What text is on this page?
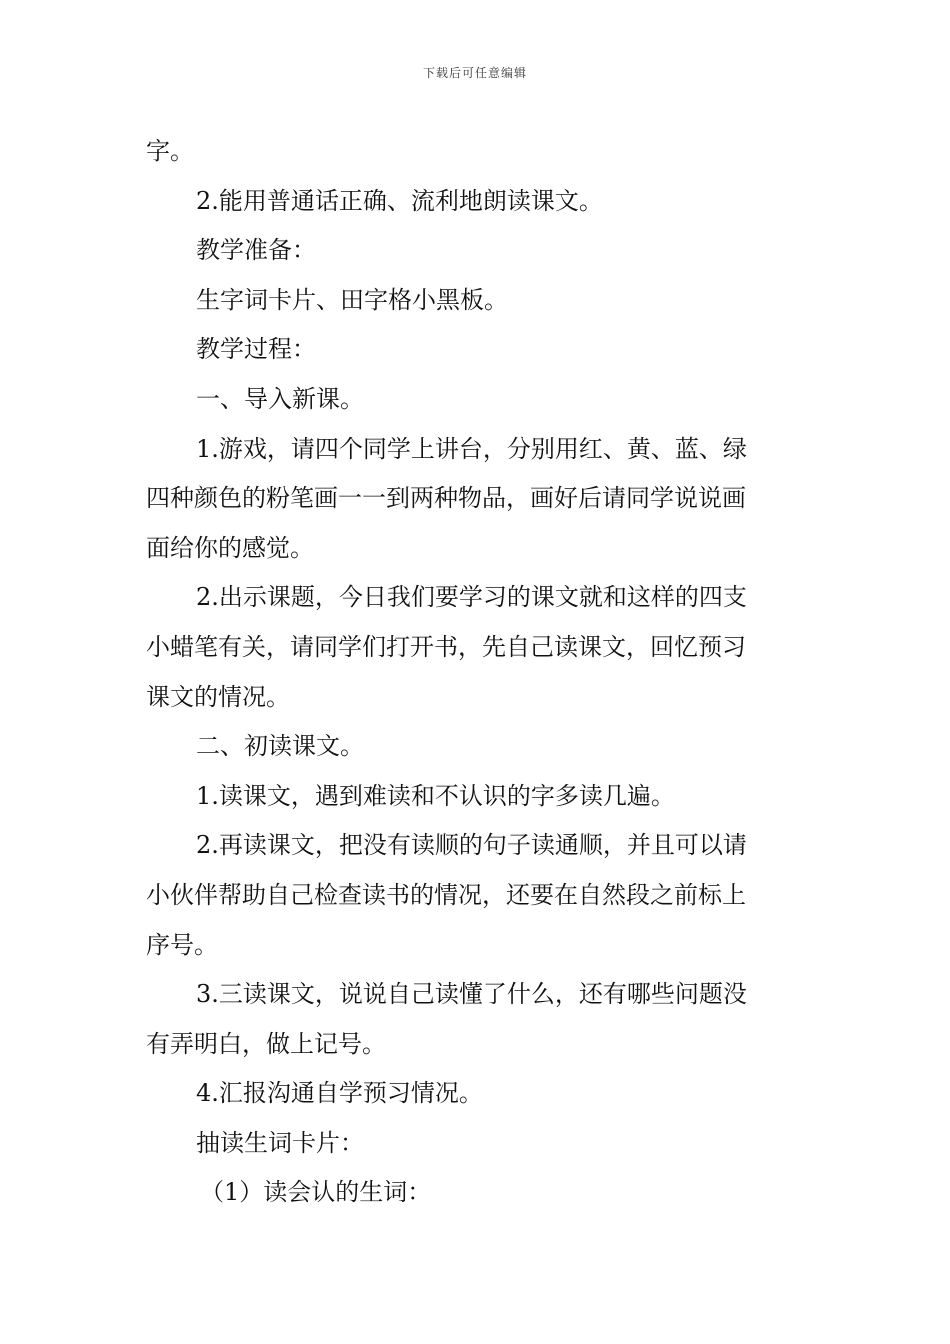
下载后可任意编辑
字。
2.能用普通话正确、流利地朗读课文。
教学准备：
生字词卡片、田字格小黑板。
教学过程：
一、导入新课。
1.游戏，请四个同学上讲台，分别用红、黄、蓝、绿
四种颜色的粉笔画一一到两种物品，画好后请同学说说画
面给你的感觉。
2.出示课题，今日我们要学习的课文就和这样的四支
小蜡笔有关，请同学们打开书，先自己读课文，回忆预习
课文的情况。
二、初读课文。
1.读课文，遇到难读和不认识的字多读几遍。
2.再读课文，把没有读顺的句子读通顺，并且可以请
小伙伴帮助自己检查读书的情况，还要在自然段之前标上
序号。
3.三读课文，说说自己读懂了什么，还有哪些问题没
有弄明白，做上记号。
4.汇报沟通自学预习情况。
抽读生词卡片：
（1）读会认的生词：
